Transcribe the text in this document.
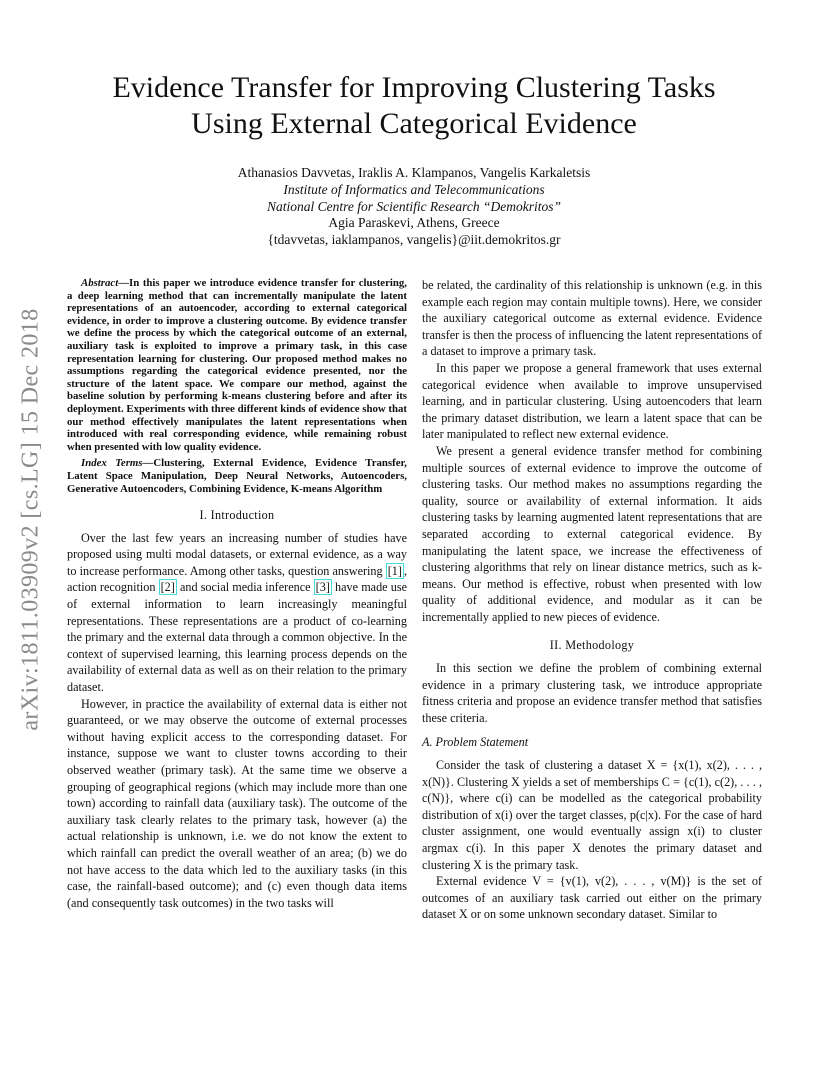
Evidence Transfer for Improving Clustering Tasks
Using External Categorical Evidence
Athanasios Davvetas, Iraklis A. Klampanos, Vangelis Karkaletsis
Institute of Informatics and Telecommunications
National Centre for Scientific Research “Demokritos”
Agia Paraskevi, Athens, Greece
{tdavvetas, iaklampanos, vangelis}@iit.demokritos.gr
arXiv:1811.03909v2 [cs.LG] 15 Dec 2018

Abstract—In this paper we introduce evidence transfer for clustering, a deep learning method that can incrementally manipulate the latent representations of an autoencoder, according to external categorical evidence, in order to improve a clustering outcome. By evidence transfer we define the process by which the categorical outcome of an external, auxiliary task is exploited to improve a primary task, in this case representation learning for clustering. Our proposed method makes no assumptions regarding the categorical evidence presented, nor the structure of the latent space. We compare our method, against the baseline solution by performing k-means clustering before and after its deployment. Experiments with three different kinds of evidence show that our method effectively manipulates the latent representations when introduced with real corresponding evidence, while remaining robust when presented with low quality evidence.

Index Terms—Clustering, External Evidence, Evidence Transfer, Latent Space Manipulation, Deep Neural Networks, Autoencoders, Generative Autoencoders, Combining Evidence, K-means Algorithm

I. Introduction

Over the last few years an increasing number of studies have proposed using multi modal datasets, or external evidence, as a way to increase performance. Among other tasks, question answering [1] , action recognition [2] and social media inference [3] have made use of external information to learn increasingly meaningful representations. These representations are a product of co-learning the primary and the external data through a common objective. In the context of supervised learning, this learning process depends on the availability of external data as well as on their relation to the primary dataset.

However, in practice the availability of external data is either not guaranteed, or we may observe the outcome of external processes without having explicit access to the corresponding dataset. For instance, suppose we want to cluster towns according to their observed weather (primary task). At the same time we observe a grouping of geographical regions (which may include more than one town) according to rainfall data (auxiliary task). The outcome of the auxiliary task clearly relates to the primary task, however (a) the actual relationship is unknown, i.e. we do not know the extent to which rainfall can predict the overall weather of an area; (b) we do not have access to the data which led to the auxiliary tasks (in this case, the rainfall-based outcome); and (c) even though data items (and consequently task outcomes) in the two tasks will

be related, the cardinality of this relationship is unknown (e.g. in this example each region may contain multiple towns). Here, we consider the auxiliary categorical outcome as external evidence. Evidence transfer is then the process of influencing the latent representations of a dataset to improve a primary task.

In this paper we propose a general framework that uses external categorical evidence when available to improve unsupervised learning, and in particular clustering. Using autoencoders that learn the primary dataset distribution, we learn a latent space that can be later manipulated to reflect new external evidence.

We present a general evidence transfer method for combining multiple sources of external evidence to improve the outcome of clustering tasks. Our method makes no assumptions regarding the quality, source or availability of external information. It aids clustering tasks by learning augmented latent representations that are separated according to external categorical evidence. By manipulating the latent space, we increase the effectiveness of clustering algorithms that rely on linear distance metrics, such as k-means. Our method is effective, robust when presented with low quality of additional evidence, and modular as it can be incrementally applied to new pieces of evidence.

II. Methodology

In this section we define the problem of combining external evidence in a primary clustering task, we introduce appropriate fitness criteria and propose an evidence transfer method that satisfies these criteria.

A. Problem Statement

Consider the task of clustering a dataset X = {x(1), x(2), . . . , x(N)}. Clustering X yields a set of memberships C = {c(1), c(2), . . . , c(N)}, where c(i) can be modelled as the categorical probability distribution of x(i) over the target classes, p(c|x). For the case of hard cluster assignment, one would eventually assign x(i) to cluster argmax c(i). In this paper X denotes the primary dataset and clustering X is the primary task.

External evidence V = {v(1), v(2), . . . , v(M)} is the set of outcomes of an auxiliary task carried out either on the primary dataset X or on some unknown secondary dataset. Similar to
